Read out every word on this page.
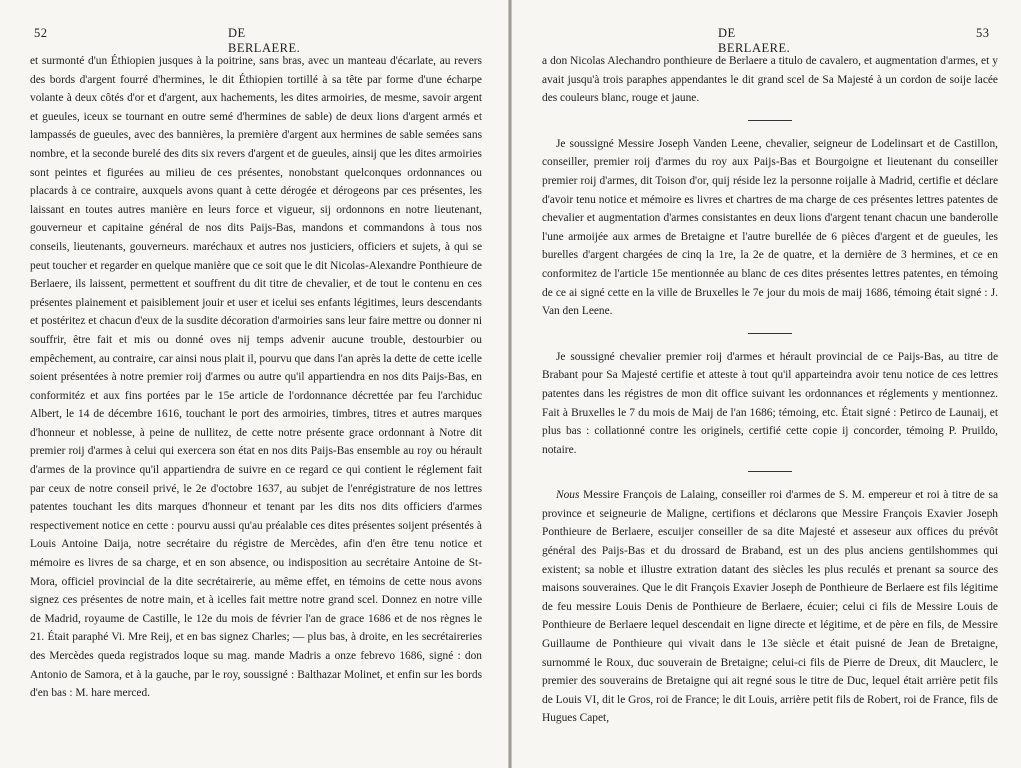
52	DE BERLAERE.

et surmonté d'un Éthiopien jusques à la poitrine, sans bras, avec un manteau d'écarlate, au revers des bords d'argent fourré d'hermines, le dit Éthiopien tortillé à sa tête par forme d'une écharpe volante à deux côtés d'or et d'argent, aux hachements, les dites armoiries, de mesme, savoir argent et gueules, iceux se tournant en outre semé d'hermines de sable) de deux lions d'argent armés et lampassés de gueules, avec des bannières, la première d'argent aux hermines de sable semées sans nombre, et la seconde burelé des dits six revers d'argent et de gueules, ainsij que les dites armoiries sont peintes et figurées au milieu de ces présentes, nonobstant quelconques ordonnances ou placards à ce contraire, auxquels avons quant à cette dérogée et dérogeons par ces présentes, les laissant en toutes autres manière en leurs force et vigueur, sij ordonnons en notre lieutenant, gouverneur et capitaine général de nos dits Paijs-Bas, mandons et commandons à tous nos conseils, lieutenants, gouverneurs. maréchaux et autres nos justiciers, officiers et sujets, à qui se peut toucher et regarder en quelque manière que ce soit que le dit Nicolas-Alexandre Ponthieure de Berlaere, ils laissent, permettent et souffrent du dit titre de chevalier, et de tout le contenu en ces présentes plainement et paisiblement jouir et user et icelui ses enfants légitimes, leurs descendants et postéritez et chacun d'eux de la susdite décoration d'armoiries sans leur faire mettre ou donner ni souffrir, être fait et mis ou donné oves nij temps advenir aucune trouble, destourbier ou empêchement, au contraire, car ainsi nous plait il, pourvu que dans l'an après la dette de cette icelle soient présentées à notre premier roij d'armes ou autre qu'il appartiendra en nos dits Paijs-Bas, en conformitéz et aux fins portées par le 15e article de l'ordonnance décrettée par feu l'archiduc Albert, le 14 de décembre 1616, touchant le port des armoiries, timbres, titres et autres marques d'honneur et noblesse, à peine de nullitez, de cette notre présente grace ordonnant à Notre dit premier roij d'armes à celui qui exercera son état en nos dits Paijs-Bas ensemble au roy ou hérault d'armes de la province qu'il appartiendra de suivre en ce regard ce qui contient le réglement fait par ceux de notre conseil privé, le 2e d'octobre 1637, au subjet de l'enrégistrature de nos lettres patentes touchant les dits marques d'honneur et tenant par les dits nos dits officiers d'armes respectivement notice en cette : pourvu aussi qu'au préalable ces dites présentes soijent présentés à Louis Antoine Daija, notre secrétaire du régistre de Mercèdes, afin d'en être tenu notice et mémoire es livres de sa charge, et en son absence, ou indisposition au secrétaire Antoine de St-Mora, officiel provincial de la dite secrétairerie, au même effet, en témoins de cette nous avons signez ces présentes de notre main, et à icelles fait mettre notre grand scel. Donnez en notre ville de Madrid, royaume de Castille, le 12e du mois de février l'an de grace 1686 et de nos règnes le 21. Était paraphé Vi. Mre Reij, et en bas signez Charles; — plus bas, à droite, en les secrétaireries des Mercèdes queda registrados loque su mag. mande Madris a onze febrevo 1686, signé : don Antonio de Samora, et à la gauche, par le roy, soussigné : Balthazar Molinet, et enfin sur les bords d'en bas : M. hare merced.

DE BERLAERE.
53

a don Nicolas Alechandro ponthieure de Berlaere a titulo de cavalero, et augmentation d'armes, et y avait jusqu'à trois paraphes appendantes le dit grand scel de Sa Majesté à un cordon de soije lacée des couleurs blanc, rouge et jaune.

Je soussigné Messire Joseph Vanden Leene, chevalier, seigneur de Lodelinsart et de Castillon, conseiller, premier roij d'armes du roy aux Paijs-Bas et Bourgoigne et lieutenant du conseiller premier roij d'armes, dit Toison d'or, quij réside lez la personne roijalle à Madrid, certifie et déclare d'avoir tenu notice et mémoire es livres et chartres de ma charge de ces présentes lettres patentes de chevalier et augmentation d'armes consistantes en deux lions d'argent tenant chacun une banderolle l'une armoijée aux armes de Bretaigne et l'autre burellée de 6 pièces d'argent et de gueules, les burelles d'argent chargées de cinq la 1re, la 2e de quatre, et la dernière de 3 hermines, et ce en conformitez de l'article 15e mentionnée au blanc de ces dites présentes lettres patentes, en témoing de ce ai signé cette en la ville de Bruxelles le 7e jour du mois de maij 1686, témoing était signé : J. Van den Leene.

Je soussigné chevalier premier roij d'armes et hérault provincial de ce Paijs-Bas, au titre de Brabant pour Sa Majesté certifie et atteste à tout qu'il apparteindra avoir tenu notice de ces lettres patentes dans les régistres de mon dit office suivant les ordonnances et réglements y mentionnez. Fait à Bruxelles le 7 du mois de Maij de l'an 1686; témoing, etc. Était signé : Petirco de Launaij, et plus bas : collationné contre les originels, certifié cette copie ij concorder, témoing P. Pruildo, notaire.

Nous Messire François de Lalaing, conseiller roi d'armes de S. M. empereur et roi à titre de sa province et seigneurie de Maligne, certifions et déclarons que Messire François Exavier Joseph Ponthieure de Berlaere, escuijer conseiller de sa dite Majesté et asseseur aux offices du prévôt général des Paijs-Bas et du drossard de Braband, est un des plus anciens gentilshommes qui existent; sa noble et illustre extration datant des siècles les plus reculés et prenant sa source des maisons souveraines. Que le dit François Exavier Joseph de Ponthieure de Berlaere est fils légitime de feu messire Louis Denis de Ponthieure de Berlaere, écuier; celui ci fils de Messire Louis de Ponthieure de Berlaere lequel descendait en ligne directe et légitime, et de père en fils, de Messire Guillaume de Ponthieure qui vivait dans le 13e siècle et était puisné de Jean de Bretaigne, surnommé le Roux, duc souverain de Bretaigne; celui-ci fils de Pierre de Dreux, dit Mauclerc, le premier des souverains de Bretaigne qui ait regné sous le titre de Duc, lequel était arrière petit fils de Louis VI, dit le Gros, roi de France; le dit Louis, arrière petit fils de Robert, roi de France, fils de Hugues Capet,
